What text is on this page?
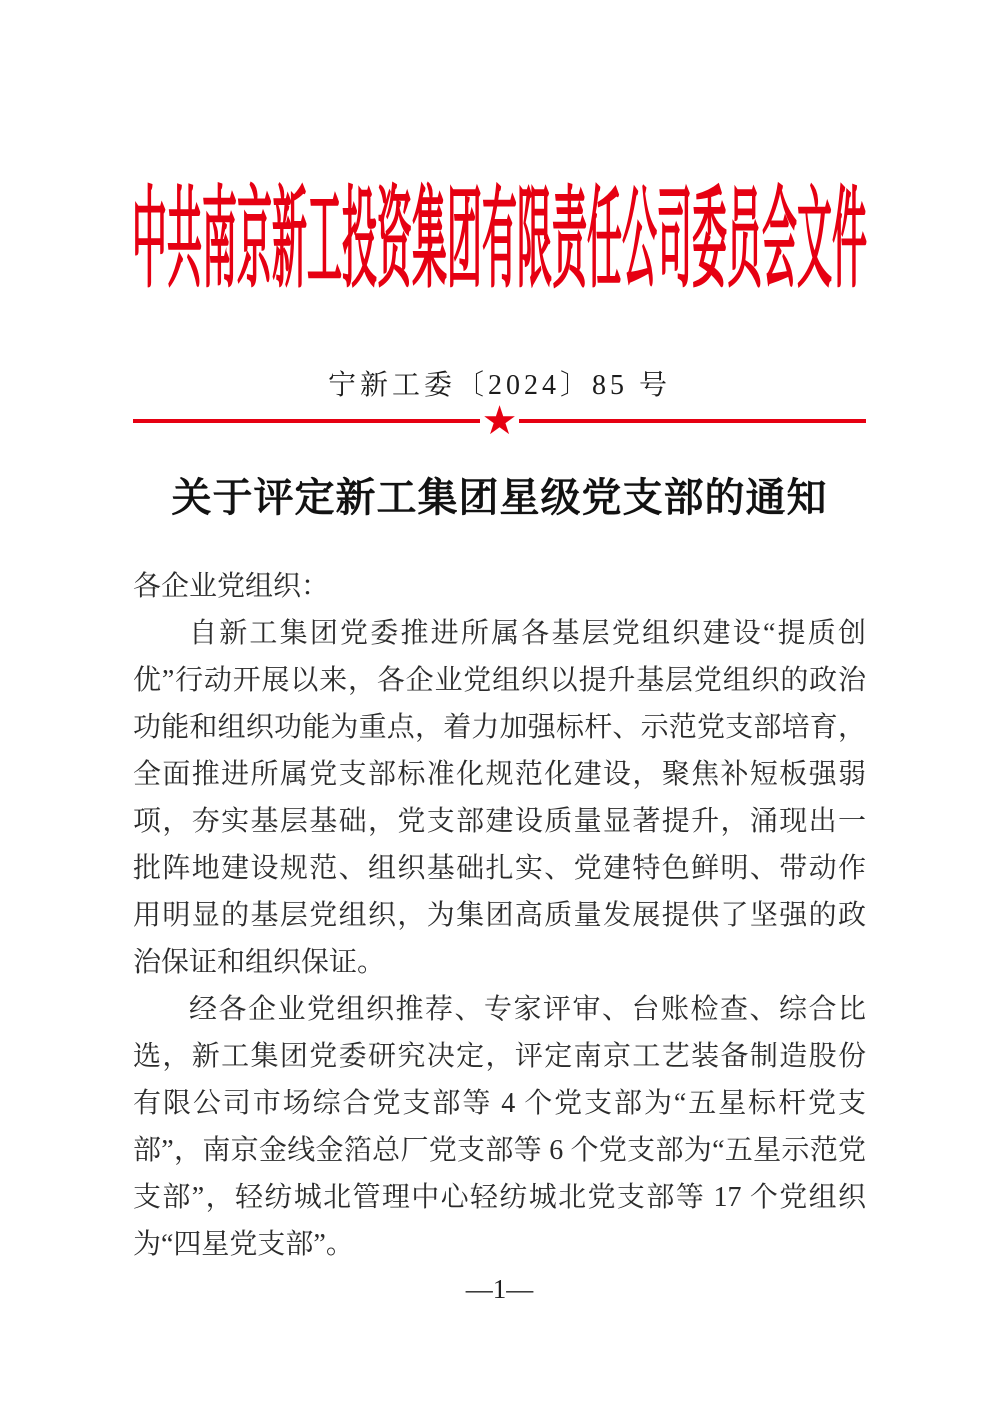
中共南京新工投资集团有限责任公司委员会文件
宁新工委〔2024〕85 号
★
关于评定新工集团星级党支部的通知
各企业党组织：
自新工集团党委推进所属各基层党组织建设“提质创
优”行动开展以来，各企业党组织以提升基层党组织的政治
功能和组织功能为重点，着力加强标杆、示范党支部培育，
全面推进所属党支部标准化规范化建设，聚焦补短板强弱
项，夯实基层基础，党支部建设质量显著提升，涌现出一
批阵地建设规范、组织基础扎实、党建特色鲜明、带动作
用明显的基层党组织，为集团高质量发展提供了坚强的政
治保证和组织保证。
经各企业党组织推荐、专家评审、台账检查、综合比
选，新工集团党委研究决定，评定南京工艺装备制造股份
有限公司市场综合党支部等 4 个党支部为“五星标杆党支
部”，南京金线金箔总厂党支部等 6 个党支部为“五星示范党
支部”，轻纺城北管理中心轻纺城北党支部等 17 个党组织
为“四星党支部”。
—1—
